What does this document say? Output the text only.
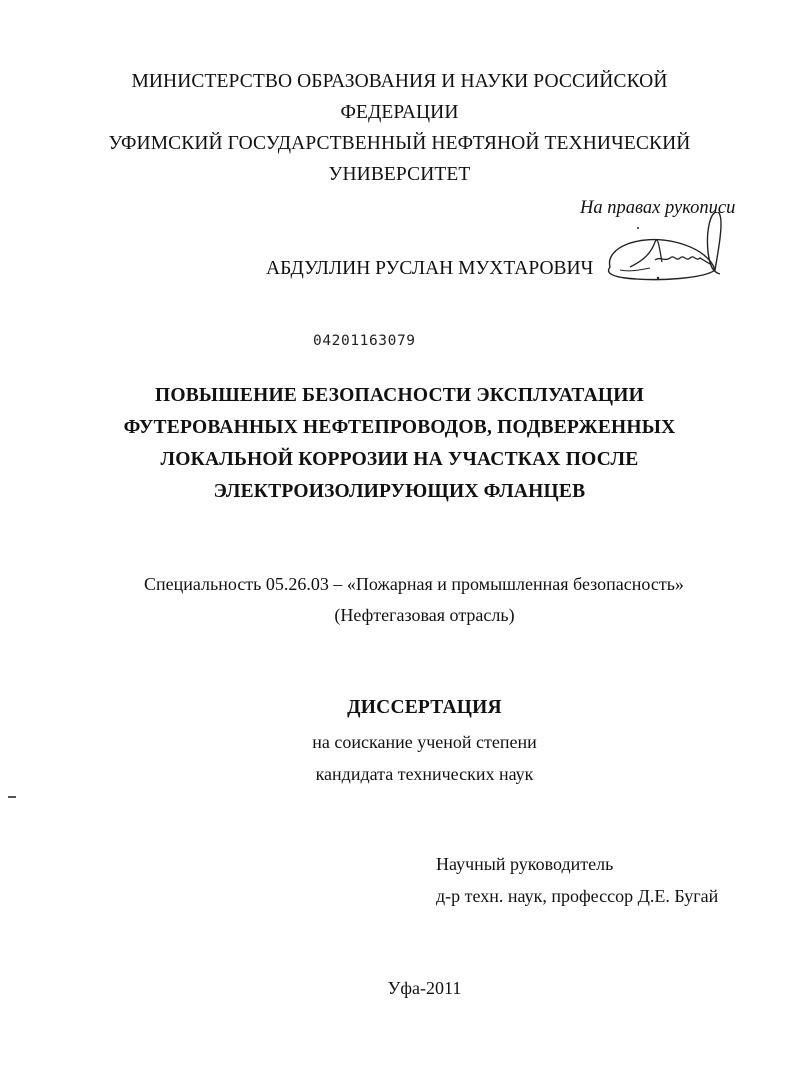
МИНИСТЕРСТВО ОБРАЗОВАНИЯ И НАУКИ РОССИЙСКОЙ
ФЕДЕРАЦИИ
УФИМСКИЙ ГОСУДАРСТВЕННЫЙ НЕФТЯНОЙ ТЕХНИЧЕСКИЙ
УНИВЕРСИТЕТ
На правах рукописи
АБДУЛЛИН РУСЛАН МУХТАРОВИЧ
04201163079
ПОВЫШЕНИЕ БЕЗОПАСНОСТИ ЭКСПЛУАТАЦИИ
ФУТЕРОВАННЫХ НЕФТЕПРОВОДОВ, ПОДВЕРЖЕННЫХ
ЛОКАЛЬНОЙ КОРРОЗИИ НА УЧАСТКАХ ПОСЛЕ
ЭЛЕКТРОИЗОЛИРУЮЩИХ ФЛАНЦЕВ
Специальность 05.26.03 – «Пожарная и промышленная безопасность»
(Нефтегазовая отрасль)
ДИССЕРТАЦИЯ
на соискание ученой степени
кандидата технических наук
Научный руководитель
д-р техн. наук, профессор Д.Е. Бугай
Уфа-2011
